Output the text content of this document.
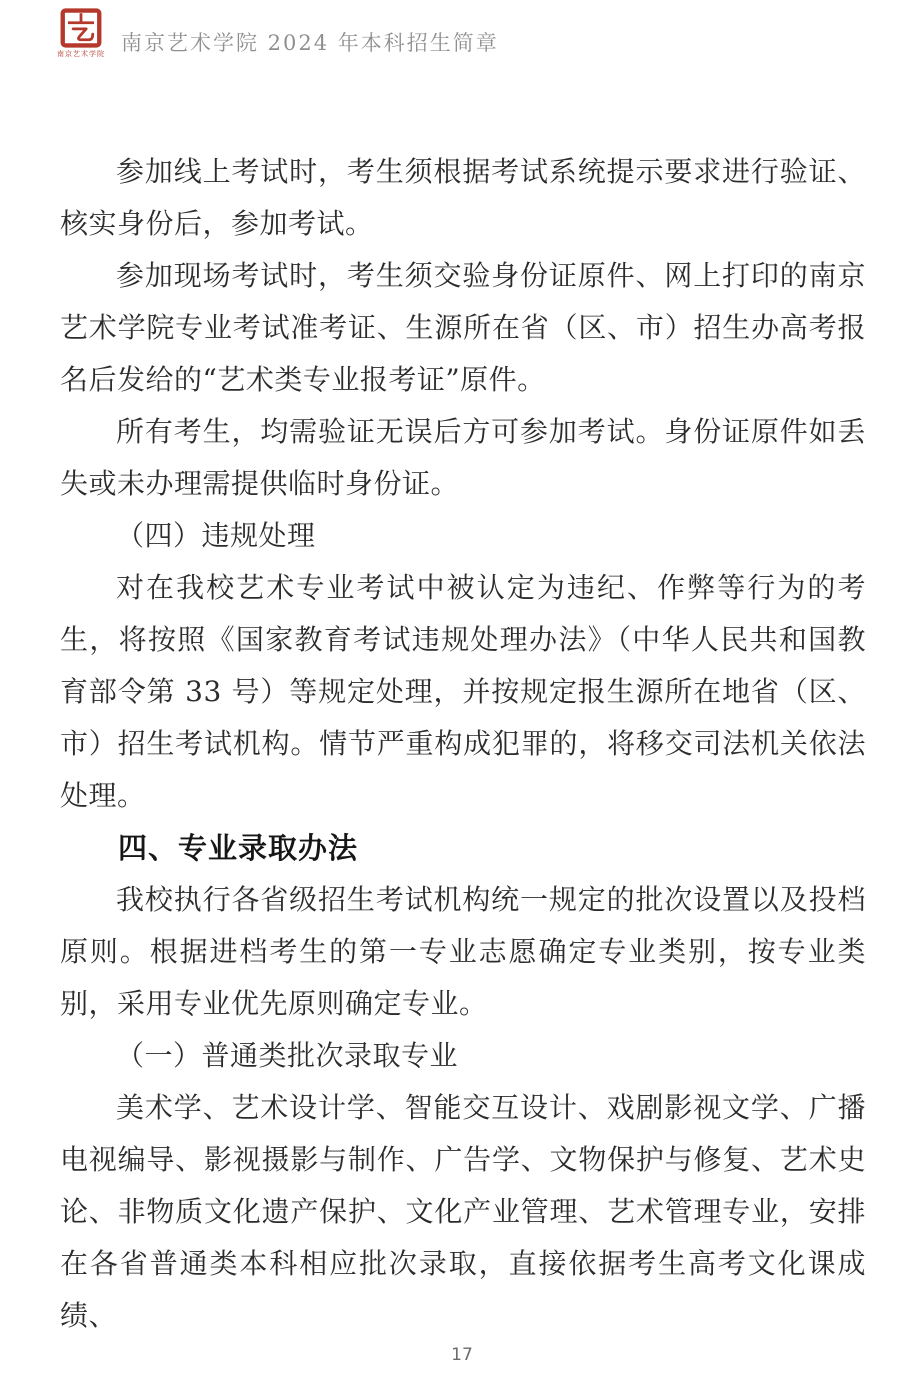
南京艺术学院 南京艺术学院 2024 年本科招生简章

参加线上考试时，考生须根据考试系统提示要求进行验证、核实身份后，参加考试。

参加现场考试时，考生须交验身份证原件、网上打印的南京艺术学院专业考试准考证、生源所在省（区、市）招生办高考报名后发给的“艺术类专业报考证”原件。

所有考生，均需验证无误后方可参加考试。身份证原件如丢失或未办理需提供临时身份证。

（四）违规处理

对在我校艺术专业考试中被认定为违纪、作弊等行为的考生，将按照《国家教育考试违规处理办法》（中华人民共和国教育部令第 33 号）等规定处理，并按规定报生源所在地省（区、市）招生考试机构。情节严重构成犯罪的，将移交司法机关依法处理。

四、专业录取办法

我校执行各省级招生考试机构统一规定的批次设置以及投档原则。根据进档考生的第一专业志愿确定专业类别，按专业类别，采用专业优先原则确定专业。

（一）普通类批次录取专业

美术学、艺术设计学、智能交互设计、戏剧影视文学、广播电视编导、影视摄影与制作、广告学、文物保护与修复、艺术史论、非物质文化遗产保护、文化产业管理、艺术管理专业，安排在各省普通类本科相应批次录取，直接依据考生高考文化课成绩、

17
